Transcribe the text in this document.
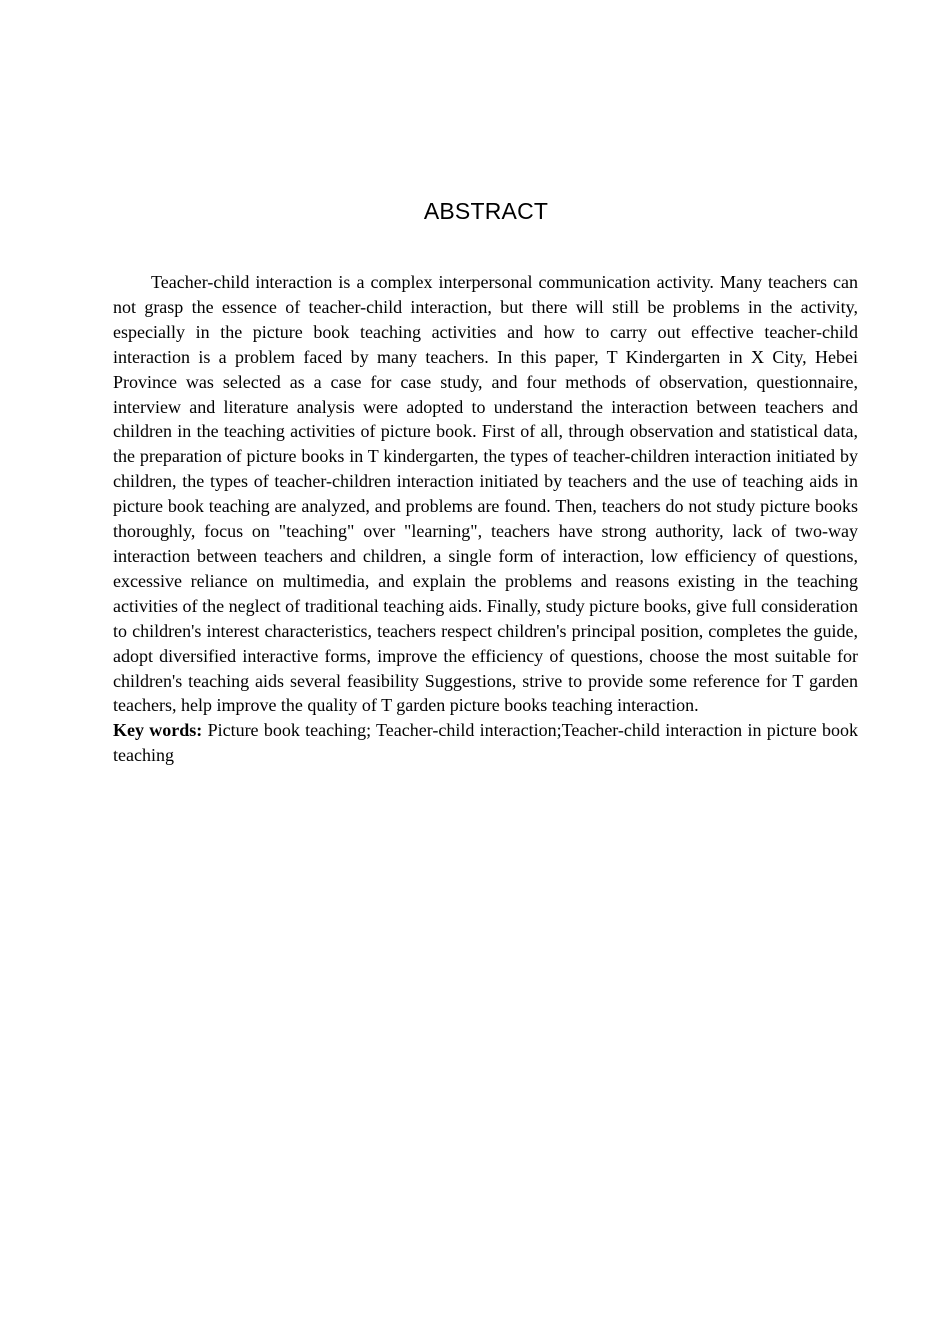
ABSTRACT

Teacher-child interaction is a complex interpersonal communication activity. Many teachers can not grasp the essence of teacher-child interaction, but there will still be problems in the activity, especially in the picture book teaching activities and how to carry out effective teacher-child interaction is a problem faced by many teachers. In this paper, T Kindergarten in X City, Hebei Province was selected as a case for case study, and four methods of observation, questionnaire, interview and literature analysis were adopted to understand the interaction between teachers and children in the teaching activities of picture book. First of all, through observation and statistical data, the preparation of picture books in T kindergarten, the types of teacher-children interaction initiated by children, the types of teacher-children interaction initiated by teachers and the use of teaching aids in picture book teaching are analyzed, and problems are found. Then, teachers do not study picture books thoroughly, focus on "teaching" over "learning", teachers have strong authority, lack of two-way interaction between teachers and children, a single form of interaction, low efficiency of questions, excessive reliance on multimedia, and explain the problems and reasons existing in the teaching activities of the neglect of traditional teaching aids. Finally, study picture books, give full consideration to children's interest characteristics, teachers respect children's principal position, completes the guide, adopt diversified interactive forms, improve the efficiency of questions, choose the most suitable for children's teaching aids several feasibility Suggestions, strive to provide some reference for T garden teachers, help improve the quality of T garden picture books teaching interaction.

Key words: Picture book teaching; Teacher-child interaction;Teacher-child interaction in picture book teaching
